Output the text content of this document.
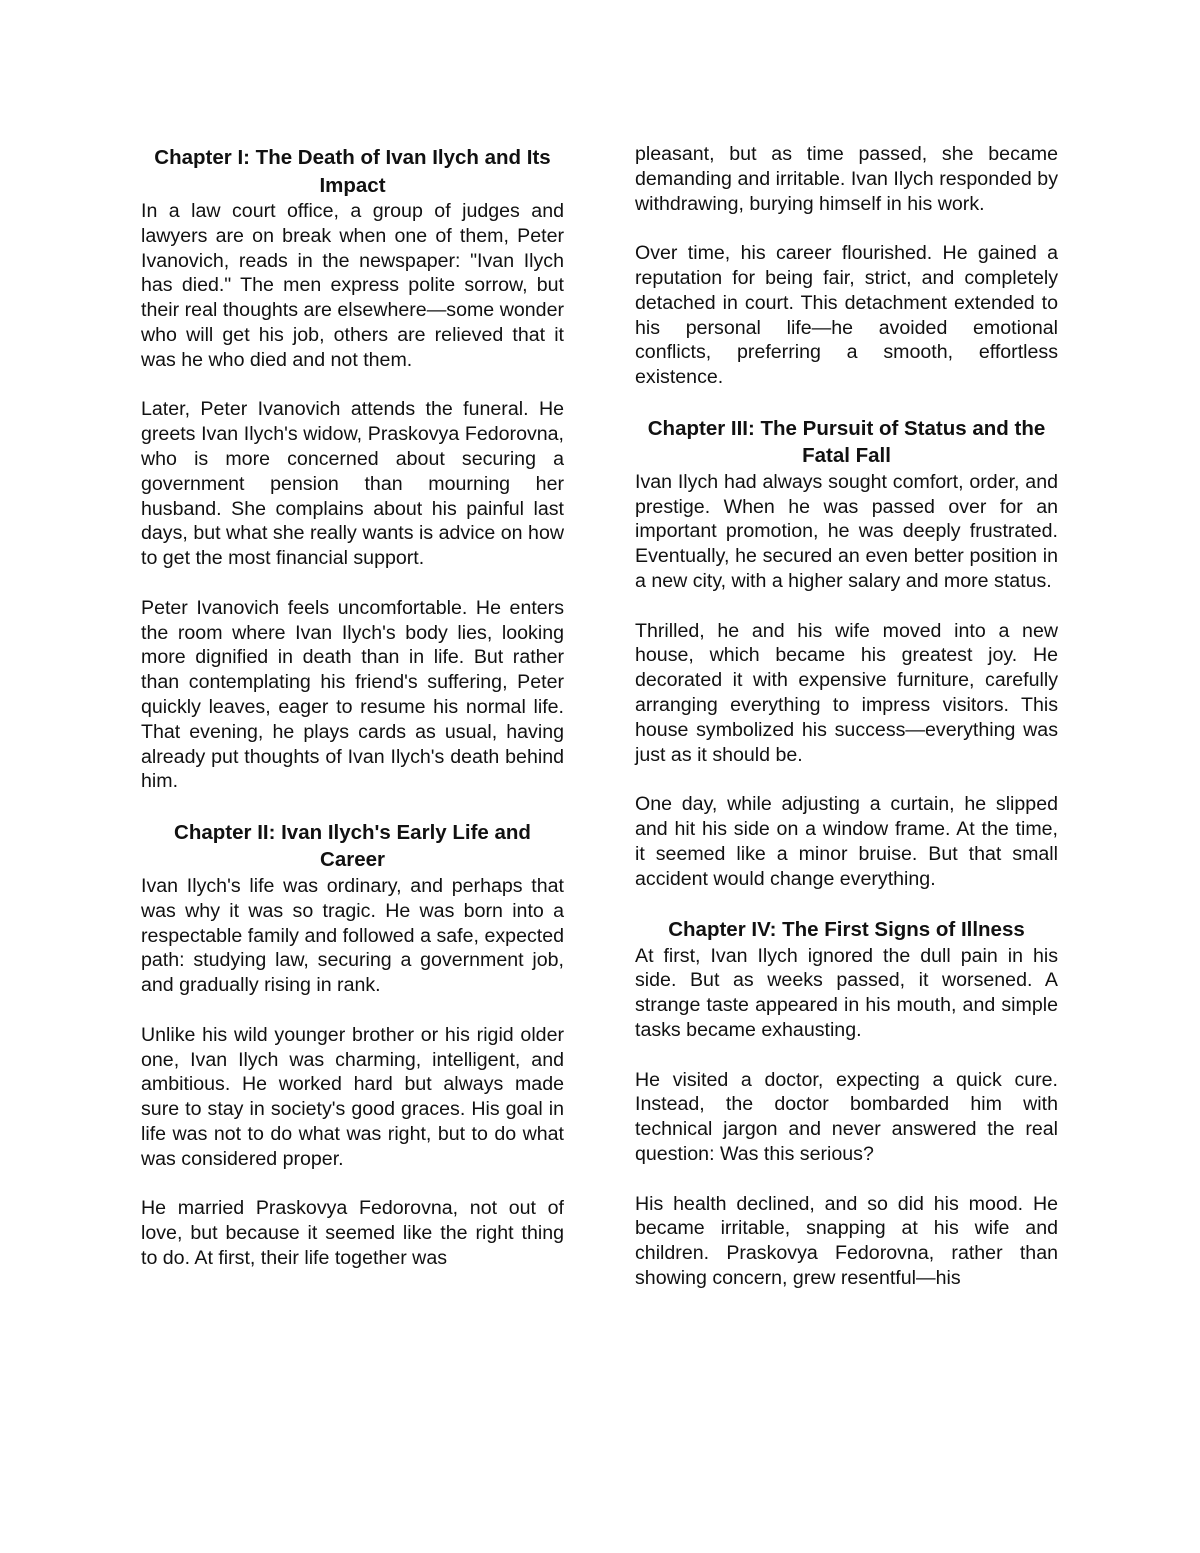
Chapter I: The Death of Ivan Ilych and Its Impact

In a law court office, a group of judges and lawyers are on break when one of them, Peter Ivanovich, reads in the newspaper: "Ivan Ilych has died." The men express polite sorrow, but their real thoughts are elsewhere—some wonder who will get his job, others are relieved that it was he who died and not them.

Later, Peter Ivanovich attends the funeral. He greets Ivan Ilych's widow, Praskovya Fedorovna, who is more concerned about securing a government pension than mourning her husband. She complains about his painful last days, but what she really wants is advice on how to get the most financial support.

Peter Ivanovich feels uncomfortable. He enters the room where Ivan Ilych's body lies, looking more dignified in death than in life. But rather than contemplating his friend's suffering, Peter quickly leaves, eager to resume his normal life. That evening, he plays cards as usual, having already put thoughts of Ivan Ilych's death behind him.

Chapter II: Ivan Ilych's Early Life and Career

Ivan Ilych's life was ordinary, and perhaps that was why it was so tragic. He was born into a respectable family and followed a safe, expected path: studying law, securing a government job, and gradually rising in rank.

Unlike his wild younger brother or his rigid older one, Ivan Ilych was charming, intelligent, and ambitious. He worked hard but always made sure to stay in society's good graces. His goal in life was not to do what was right, but to do what was considered proper.

He married Praskovya Fedorovna, not out of love, but because it seemed like the right thing to do. At first, their life together was

pleasant, but as time passed, she became demanding and irritable. Ivan Ilych responded by withdrawing, burying himself in his work.

Over time, his career flourished. He gained a reputation for being fair, strict, and completely detached in court. This detachment extended to his personal life—he avoided emotional conflicts, preferring a smooth, effortless existence.

Chapter III: The Pursuit of Status and the Fatal Fall

Ivan Ilych had always sought comfort, order, and prestige. When he was passed over for an important promotion, he was deeply frustrated. Eventually, he secured an even better position in a new city, with a higher salary and more status.

Thrilled, he and his wife moved into a new house, which became his greatest joy. He decorated it with expensive furniture, carefully arranging everything to impress visitors. This house symbolized his success—everything was just as it should be.

One day, while adjusting a curtain, he slipped and hit his side on a window frame. At the time, it seemed like a minor bruise. But that small accident would change everything.

Chapter IV: The First Signs of Illness

At first, Ivan Ilych ignored the dull pain in his side. But as weeks passed, it worsened. A strange taste appeared in his mouth, and simple tasks became exhausting.

He visited a doctor, expecting a quick cure. Instead, the doctor bombarded him with technical jargon and never answered the real question: Was this serious?

His health declined, and so did his mood. He became irritable, snapping at his wife and children. Praskovya Fedorovna, rather than showing concern, grew resentful—his
